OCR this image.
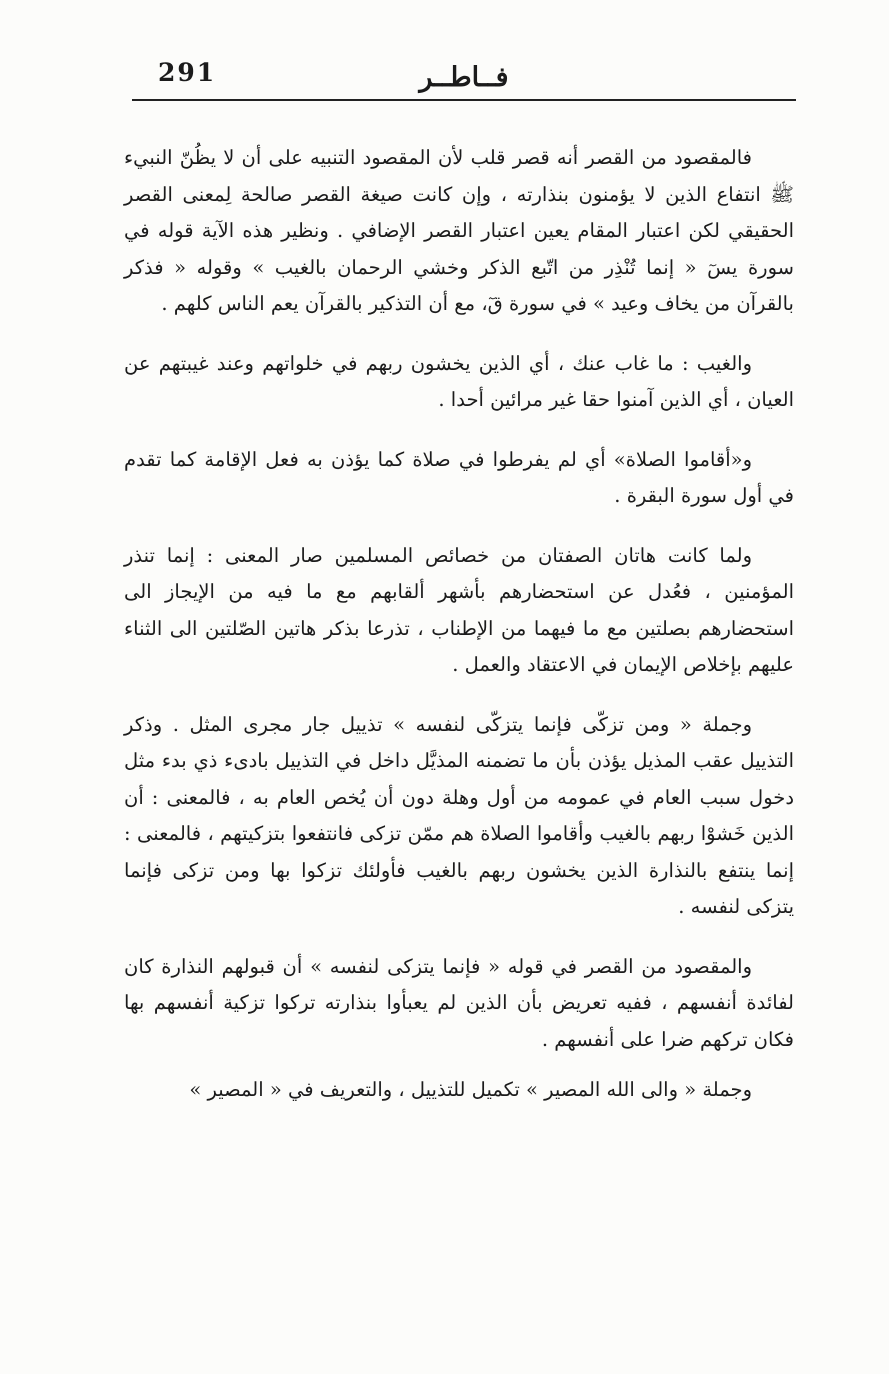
291	فــاطــر

فالمقصود من القصر أنه قصر قلب لأن المقصود التنبيه على أن لا يظُنّ النبيء ﷺ انتفاع الذين لا يؤمنون بنذارته ، وإن كانت صيغة القصر صالحة لِمعنى القصر الحقيقي لكن اعتبار المقام يعين اعتبار القصر الإضافي . ونظير هذه الآية قوله في سورة يسٓ « إنما تُنْذِر من اتّبع الذكر وخشي الرحمان بالغيب » وقوله « فذكر بالقرآن من يخاف وعيد » في سورة قٓ، مع أن التذكير بالقرآن يعم الناس كلهم .

والغيب : ما غاب عنك ، أي الذين يخشون ربهم في خلواتهم وعند غيبتهم عن العيان ، أي الذين آمنوا حقا غير مرائين أحدا .

و«أقاموا الصلاة» أي لم يفرطوا في صلاة كما يؤذن به فعل الإقامة كما تقدم في أول سورة البقرة .

ولما كانت هاتان الصفتان من خصائص المسلمين صار المعنى : إنما تنذر المؤمنين ، فعُدل عن استحضارهم بأشهر ألقابهم مع ما فيه من الإيجاز الى استحضارهم بصلتين مع ما فيهما من الإطناب ، تذرعا بذكر هاتين الصّلتين الى الثناء عليهم بإخلاص الإيمان في الاعتقاد والعمل .

وجملة « ومن تزكّى فإنما يتزكّى لنفسه » تذييل جار مجرى المثل . وذكر التذييل عقب المذيل يؤذن بأن ما تضمنه المذيَّل داخل في التذييل بادىء ذي بدء مثل دخول سبب العام في عمومه من أول وهلة دون أن يُخص العام به ، فالمعنى : أن الذين خَشوْا ربهم بالغيب وأقاموا الصلاة هم ممّن تزكى فانتفعوا بتزكيتهم ، فالمعنى : إنما ينتفع بالنذارة الذين يخشون ربهم بالغيب فأولئك تزكوا بها ومن تزكى فإنما يتزكى لنفسه .

والمقصود من القصر في قوله « فإنما يتزكى لنفسه » أن قبولهم النذارة كان لفائدة أنفسهم ، ففيه تعريض بأن الذين لم يعبأوا بنذارته تركوا تزكية أنفسهم بها فكان تركهم ضرا على أنفسهم .

وجملة « والى الله المصير » تكميل للتذييل ، والتعريف في « المصير »
